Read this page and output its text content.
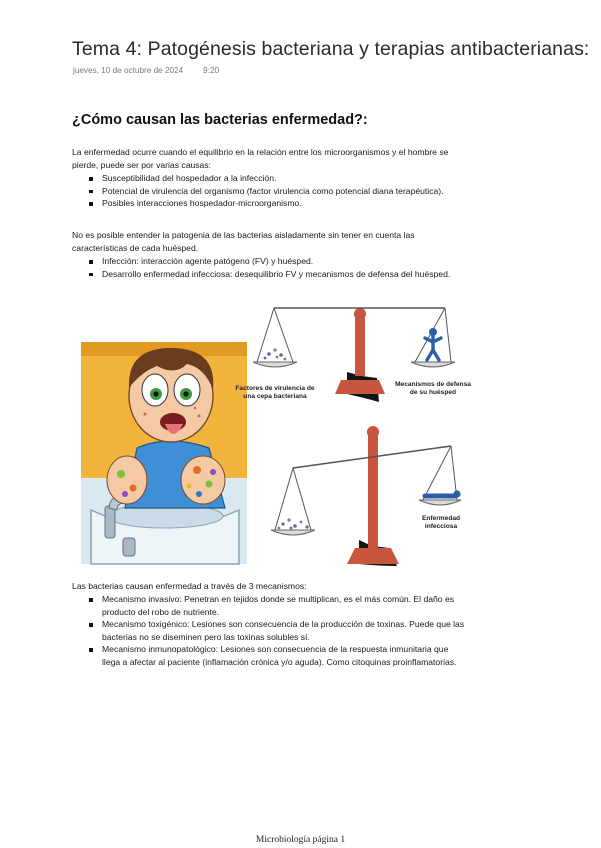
Tema 4: Patogénesis bacteriana y terapias antibacterianas:
jueves, 10 de octubre de 2024 9:20
¿Cómo causan las bacterias enfermedad?:

La enfermedad ocurre cuando el equilibrio en la relación entre los microorganismos y el hombre se
pierde, puede ser por varias causas:

Susceptibilidad del hospedador a la infección.
Potencial de virulencia del organismo (factor virulencia como potencial diana terapéutica).
Posibles interacciones hospedador-microorganismo.

No es posible entender la patogenia de las bacterias aisladamente sin tener en cuenta las
características de cada huésped.

Infección: interacción agente patógeno (FV) y huésped.
Desarrollo enfermedad infecciosa: desequilibrio FV y mecanismos de defensa del huésped.
Factores de virulencia de
una cepa bacteriana
Mecanismos de defensa
de su huésped
Enfermedad
infecciosa

Las bacterias causan enfermedad a través de 3 mecanismos:

Mecanismo invasivo: Penetran en tejidos donde se multiplican, es el más común. El daño es
producto del robo de nutriente.
Mecanismo toxigénico: Lesiones son consecuencia de la producción de toxinas. Puede que las
bacterias no se diseminen pero las toxinas solubles sí.
Mecanismo inmunopatológico: Lesiones son consecuencia de la respuesta inmunitaria que
llega a afectar al paciente (inflamación crónica y/o aguda). Como citoquinas proinflamatorias.
Microbiología página 1
